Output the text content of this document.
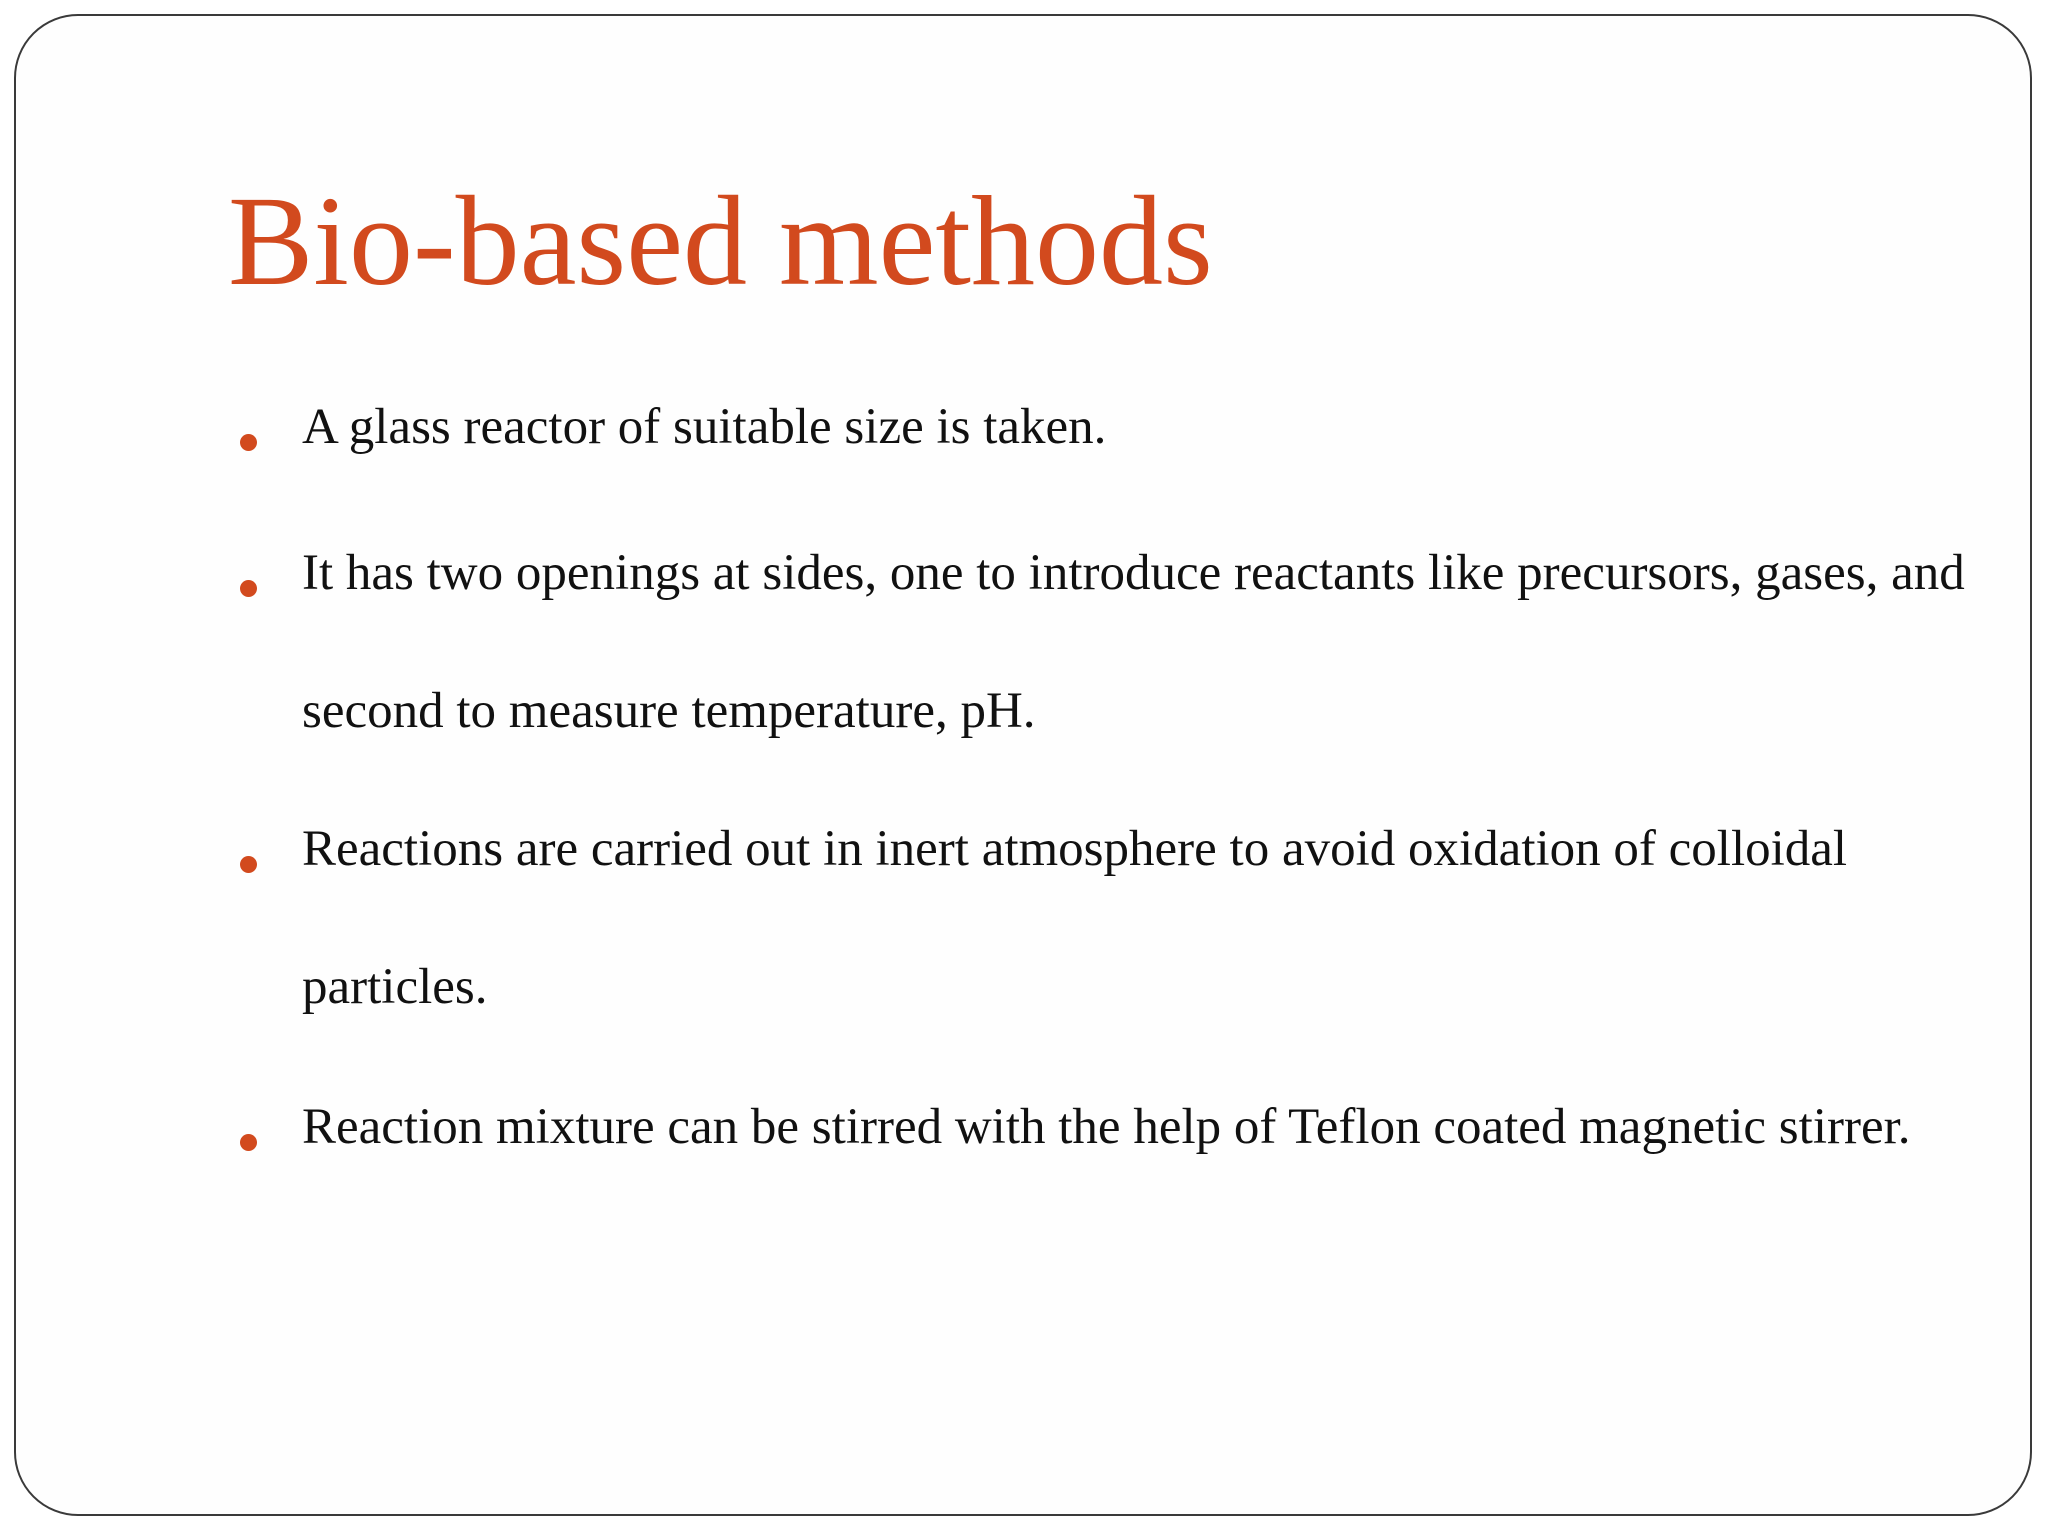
Bio-based methods
A glass reactor of suitable size is taken.
It has two openings at sides, one to introduce reactants like precursors, gases, and second to measure temperature, pH.
Reactions are carried out in inert atmosphere to avoid oxidation of colloidal particles.
Reaction mixture can be stirred with the help of Teflon coated magnetic stirrer.
